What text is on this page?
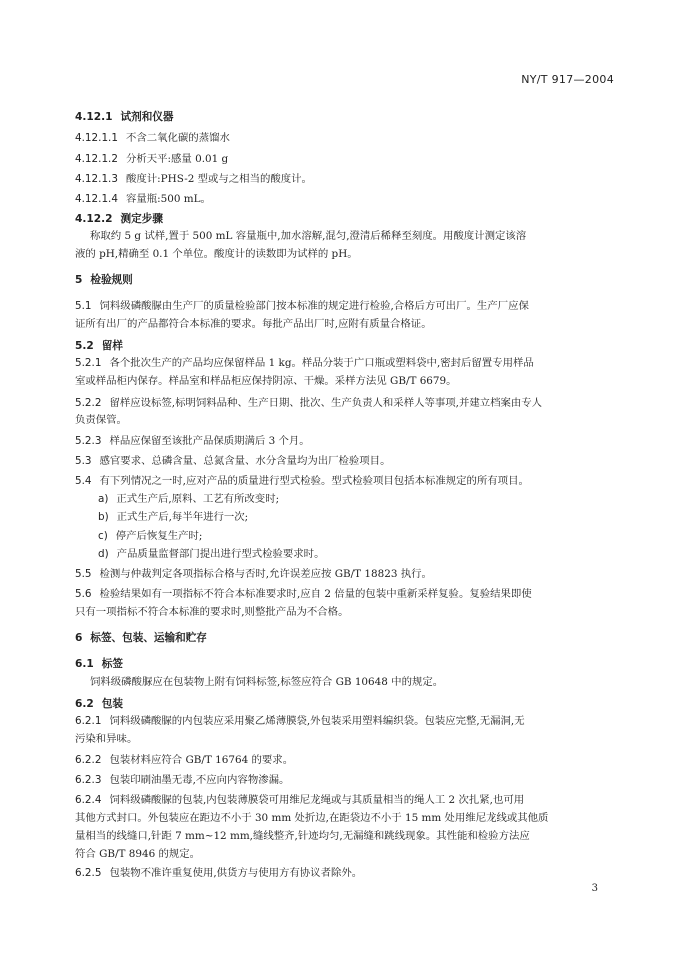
NY/T 917—2004
4.12.1 试剂和仪器
4.12.1.1 不含二氧化碳的蒸馏水
4.12.1.2 分析天平:感量 0.01 g
4.12.1.3 酸度计:PHS-2 型或与之相当的酸度计。
4.12.1.4 容量瓶:500 mL。
4.12.2 测定步骤
称取约 5 g 试样,置于 500 mL 容量瓶中,加水溶解,混匀,澄清后稀释至刻度。用酸度计测定该溶
液的 pH,精确至 0.1 个单位。酸度计的读数即为试样的 pH。
5 检验规则
5.1 饲料级磷酸脲由生产厂的质量检验部门按本标准的规定进行检验,合格后方可出厂。生产厂应保
证所有出厂的产品都符合本标准的要求。每批产品出厂时,应附有质量合格证。
5.2 留样
5.2.1 各个批次生产的产品均应保留样品 1 kg。样品分装于广口瓶或塑料袋中,密封后留置专用样品
室或样品柜内保存。样品室和样品柜应保持阴凉、干燥。采样方法见 GB/T 6679。
5.2.2 留样应设标签,标明饲料品种、生产日期、批次、生产负责人和采样人等事项,并建立档案由专人
负责保管。
5.2.3 样品应保留至该批产品保质期满后 3 个月。
5.3 感官要求、总磷含量、总氮含量、水分含量均为出厂检验项目。
5.4 有下列情况之一时,应对产品的质量进行型式检验。型式检验项目包括本标准规定的所有项目。
a) 正式生产后,原料、工艺有所改变时;
b) 正式生产后,每半年进行一次;
c) 停产后恢复生产时;
d) 产品质量监督部门提出进行型式检验要求时。
5.5 检测与仲裁判定各项指标合格与否时,允许误差应按 GB/T 18823 执行。
5.6 检验结果如有一项指标不符合本标准要求时,应自 2 倍量的包装中重新采样复验。复验结果即使
只有一项指标不符合本标准的要求时,则整批产品为不合格。
6 标签、包装、运输和贮存
6.1 标签
饲料级磷酸脲应在包装物上附有饲料标签,标签应符合 GB 10648 中的规定。
6.2 包装
6.2.1 饲料级磷酸脲的内包装应采用聚乙烯薄膜袋,外包装采用塑料编织袋。包装应完整,无漏洞,无
污染和异味。
6.2.2 包装材料应符合 GB/T 16764 的要求。
6.2.3 包装印刷油墨无毒,不应向内容物渗漏。
6.2.4 饲料级磷酸脲的包装,内包装薄膜袋可用维尼龙绳或与其质量相当的绳人工 2 次扎紧,也可用
其他方式封口。外包装应在距边不小于 30 mm 处折边,在距袋边不小于 15 mm 处用维尼龙线或其他质
量相当的线缝口,针距 7 mm~12 mm,缝线整齐,针迹均匀,无漏缝和跳线现象。其性能和检验方法应
符合 GB/T 8946 的规定。
6.2.5 包装物不准许重复使用,供货方与使用方有协议者除外。
3
